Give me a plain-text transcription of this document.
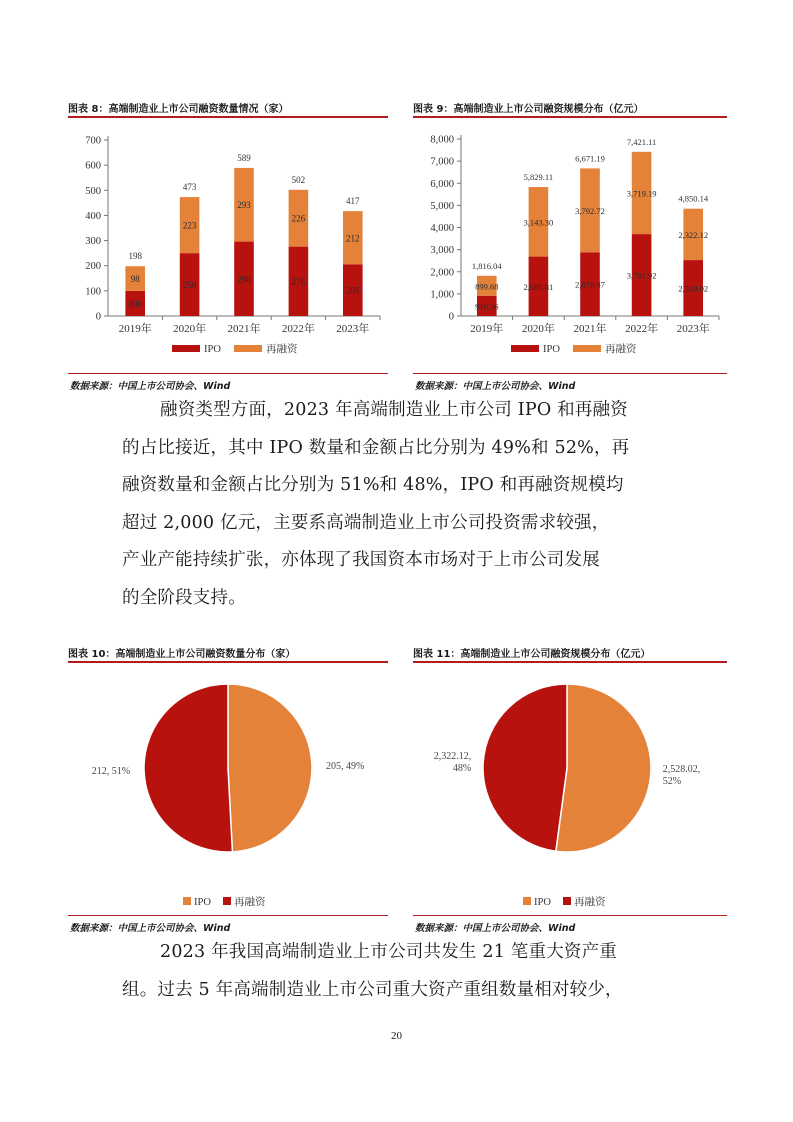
图表 8：高端制造业上市公司融资数量情况（家）
0
100
200
300
400
500
600
700
100
98
198
2019年
250
223
473
2020年
296
293
589
2021年
276
226
502
2022年
205
212
417
2023年
IPO	再融资
数据来源：中国上市公司协会、Wind
图表 9：高端制造业上市公司融资规模分布（亿元）
0
1,000
2,000
3,000
4,000
5,000
6,000
7,000
8,000
916.36
899.68
1,816.04
2019年
2,685.81
3,143.30
5,829.11
2020年
2,878.47
3,792.72
6,671.19
2021年
3,701.92
3,719.19
7,421.11
2022年
2,528.02
2,322.12
4,850.14
2023年
IPO	再融资
数据来源：中国上市公司协会、Wind

融资类型方面，2023 年高端制造业上市公司 IPO 和再融资

的占比接近，其中 IPO 数量和金额占比分别为 49%和 52%，再

融资数量和金额占比分别为 51%和 48%，IPO 和再融资规模均

超过 2,000 亿元，主要系高端制造业上市公司投资需求较强，

产业产能持续扩张，亦体现了我国资本市场对于上市公司发展

的全阶段支持。

图表 10：高端制造业上市公司融资数量分布（家）
205, 49%
212, 51%
IPO 再融资
数据来源：中国上市公司协会、Wind
图表 11：高端制造业上市公司融资规模分布（亿元）
2,528.02,
52%
2,322.12,
48%
IPO 再融资
数据来源：中国上市公司协会、Wind

2023 年我国高端制造业上市公司共发生 21 笔重大资产重

组。过去 5 年高端制造业上市公司重大资产重组数量相对较少，

20
